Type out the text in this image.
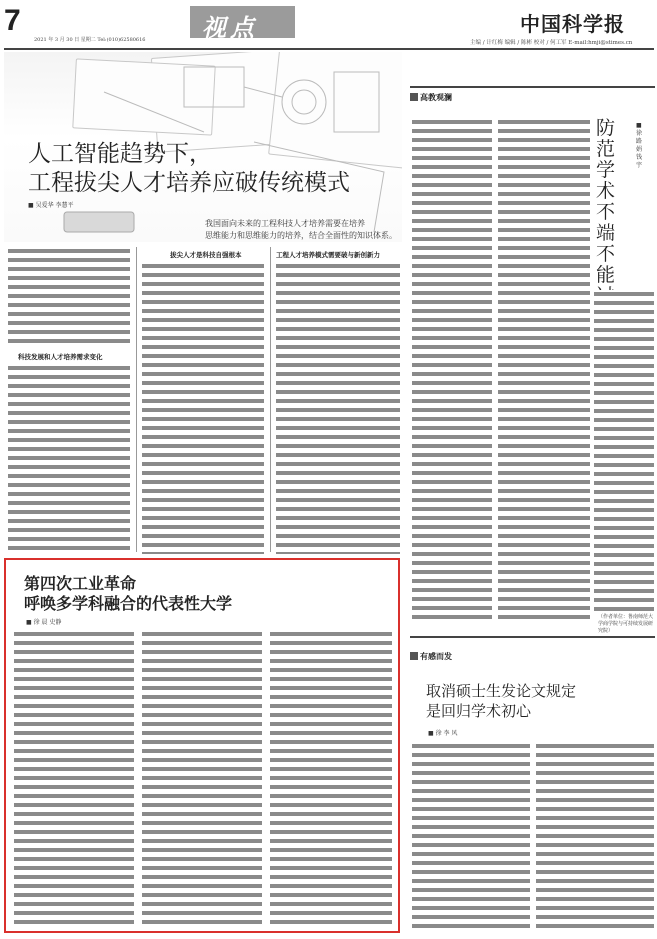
7
2021 年 3 月 30 日 星期二 Tel:(010)62580616 视点	中国科学报
主编 / 计红梅 编辑 / 陈彬 校对 / 何工军 E-mail:hmji@stimes.cn
人工智能趋势下，
工程拔尖人才培养应破传统模式
■ 吴爱华 李慧平
我国面向未来的工程科技人才培养需要在培养
思维能力和思维能力的培养，结合全面性的知识体系。
科技发展和人才培养需求变化
拔尖人才是科技自强根本	工程人才培养模式需要破与新创新力
第四次工业革命
呼唤多学科融合的代表性大学
■ 徐 晨 史静
高教观澜
防范学术不端不能过度依赖论文查重
■ 徐 路 娟 钱 宇
（作者单位：鲁南师范大学商学院与可持续发展研究院）
有感而发
取消硕士生发论文规定
是回归学术初心
■ 徐 李 风
